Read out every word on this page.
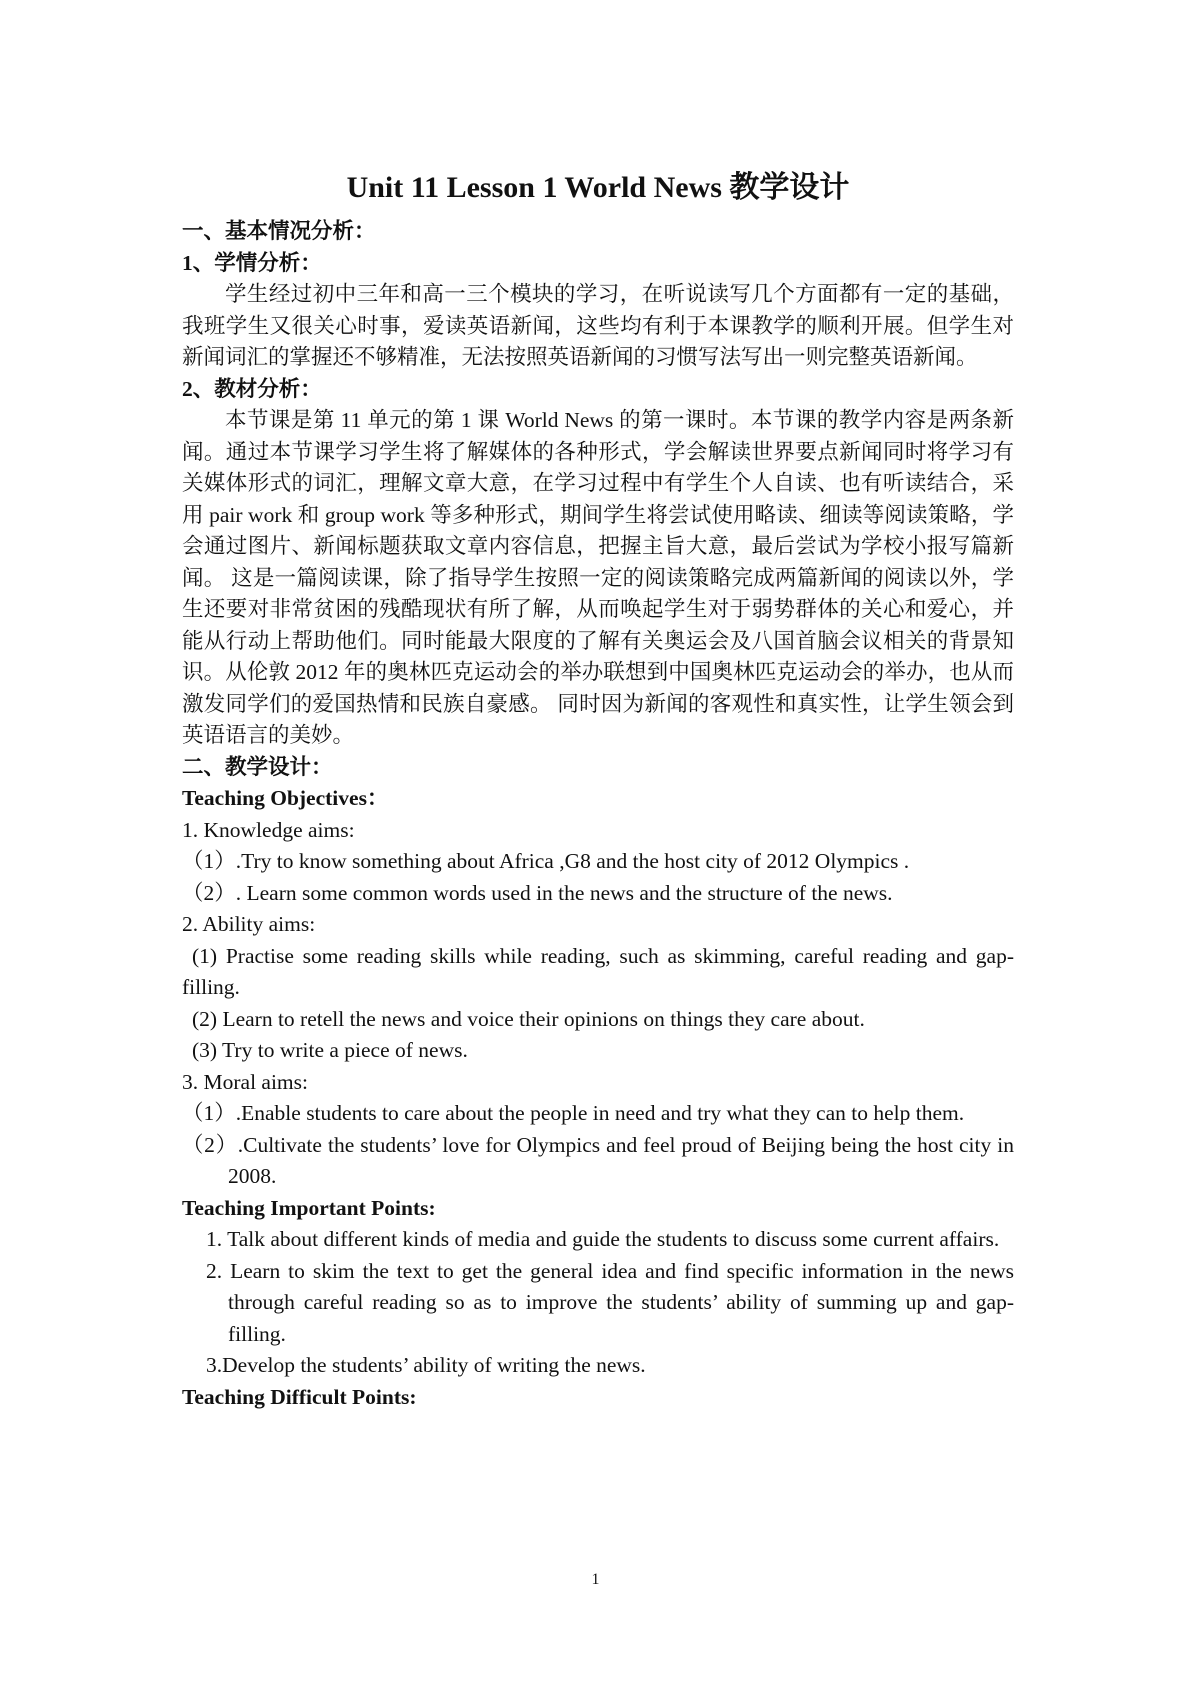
Unit 11 Lesson 1 World News 教学设计
一、基本情况分析：
1、学情分析：

学生经过初中三年和高一三个模块的学习，在听说读写几个方面都有一定的基础，我班学生又很关心时事，爱读英语新闻，这些均有利于本课教学的顺利开展。但学生对新闻词汇的掌握还不够精准，无法按照英语新闻的习惯写法写出一则完整英语新闻。

2、教材分析：

本节课是第 11 单元的第 1 课 World News 的第一课时。本节课的教学内容是两条新闻。通过本节课学习学生将了解媒体的各种形式，学会解读世界要点新闻同时将学习有关媒体形式的词汇，理解文章大意，在学习过程中有学生个人自读、也有听读结合，采用 pair work 和 group work 等多种形式，期间学生将尝试使用略读、细读等阅读策略，学会通过图片、新闻标题获取文章内容信息，把握主旨大意，最后尝试为学校小报写篇新闻。 这是一篇阅读课，除了指导学生按照一定的阅读策略完成两篇新闻的阅读以外，学生还要对非常贫困的残酷现状有所了解，从而唤起学生对于弱势群体的关心和爱心，并能从行动上帮助他们。同时能最大限度的了解有关奥运会及八国首脑会议相关的背景知识。从伦敦 2012 年的奥林匹克运动会的举办联想到中国奥林匹克运动会的举办，也从而激发同学们的爱国热情和民族自豪感。 同时因为新闻的客观性和真实性，让学生领会到英语语言的美妙。

二、教学设计：
Teaching Objectives：
1. Knowledge aims:
（1）.Try to know something about Africa ,G8 and the host city of 2012 Olympics .
（2）. Learn some common words used in the news and the structure of the news.
2. Ability aims:
(1) Practise some reading skills while reading, such as skimming, careful reading and gap-filling.
(2) Learn to retell the news and voice their opinions on things they care about.
(3) Try to write a piece of news.
3. Moral aims:
（1）.Enable students to care about the people in need and try what they can to help them.
（2）.Cultivate the students’ love for Olympics and feel proud of Beijing being the host city in 2008.
Teaching Important Points:
1. Talk about different kinds of media and guide the students to discuss some current affairs.
2. Learn to skim the text to get the general idea and find specific information in the news through careful reading so as to improve the students’ ability of summing up and gap-filling.
3.Develop the students’ ability of writing the news.
Teaching Difficult Points:
1
